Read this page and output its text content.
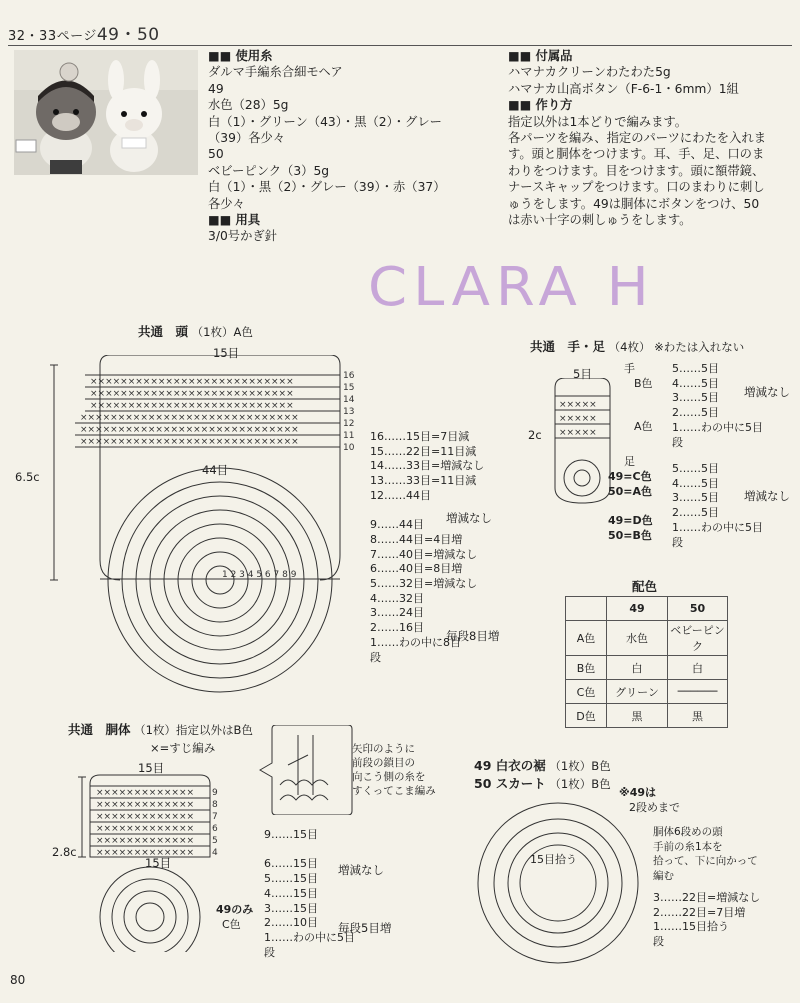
32・33ページ49・50
■■ 使用糸
ダルマ手編糸合細モヘア
49
水色（28）5g
白（1）・グリーン（43）・黒（2）・グレー
（39）各少々
50
ベビーピンク（3）5g
白（1）・黒（2）・グレー（39）・赤（37）
各少々
■■ 用具
3/0号かぎ針
■■ 付属品
ハマナカクリーンわたわた5g
ハマナカ山高ボタン（F-6-1・6mm）1組
■■ 作り方
指定以外は1本どりで編みます。
各パーツを編み、指定のパーツにわたを入れま
す。頭と胴体をつけます。耳、手、足、口のま
わりをつけます。目をつけます。頭に額帯鏡、
ナースキャップをつけます。口のまわりに刺し
ゅうをします。49は胴体にボタンをつけ、50
は赤い十字の刺しゅうをします。
CLARA H
共通　頭 （1枚）A色
15目
44目
6.5c
16
15
14
13
12
11
10
×××××××××××××××××××××××××××
×××××××××××××××××××××××××××
×××××××××××××××××××××××××××
×××××××××××××××××××××××××××××
×××××××××××××××××××××××××××××
×××××××××××××××××××××××××××××
1 2 3 4 5 6 7 8 9
16……15目=7目減
15……22目=11目減
14……33目=増減なし
13……33目=11目減
12……44目
9……44目
8……44目=4目増
7……40目=増減なし
6……40目=8目増
5……32目=増減なし
4……32目
3……24目
2……16目
1……わの中に8目
段
増減なし
毎段8目増
共通　手・足 （4枚） ※わたは入れない
5目
2c
×××××
×××××
×××××
手
B色
A色
5……5目
4……5目
3……5目
2……5目
1……わの中に5目
段
増減なし
足
49=C色
50=A色
49=D色
50=B色
5……5目
4……5目
3……5目
2……5目
1……わの中に5目
段
増減なし
配色
	49	50
A色	水色	ベビーピンク
B色	白	白
C色	グリーン	──────
D色	黒	黒
共通　胴体 （1枚）指定以外はB色
×=すじ編み	矢印のように
前段の鎖目の
向こう側の糸を
すくってこま編み
15目
15目
2.8c
×××××××××××××
×××××××××××××
×××××××××××××
×××××××××××××
×××××××××××××
×××××××××××××
9
8
7
6
5
4
9……15目
6……15目
5……15目
4……15目
3……15目
2……10目
1……わの中に5目
段
増減なし
毎段5目増
49のみ
C色
49 白衣の裾 （1枚）B色
50 スカート （1枚）B色
※49は
2段めまで
15目拾う
胴体6段めの頭
手前の糸1本を
拾って、下に向かって
編む
3……22目=増減なし
2……22目=7目増
1……15目拾う
段
80
